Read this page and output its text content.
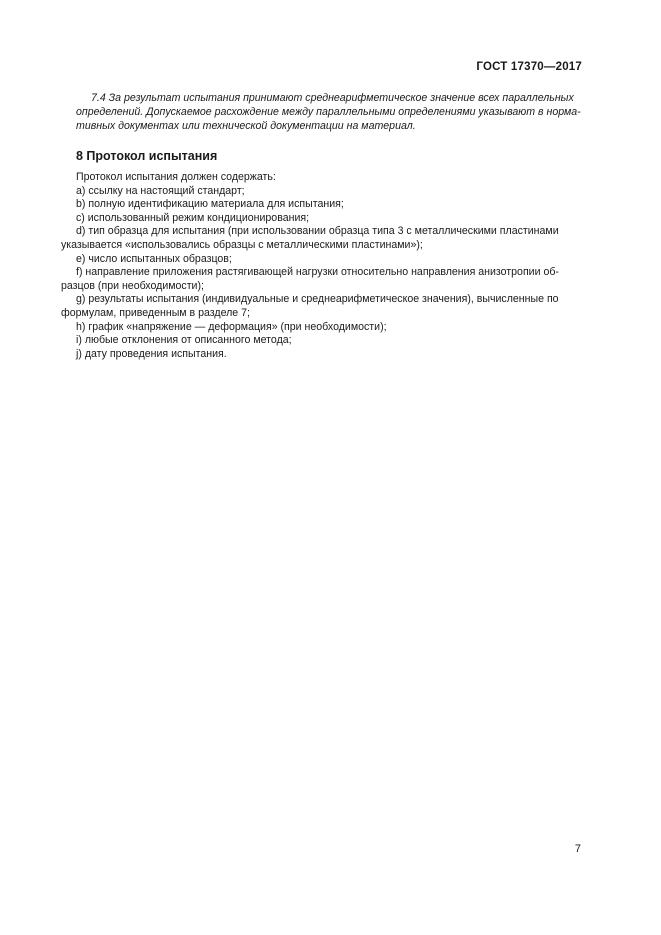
ГОСТ 17370—2017

7.4 За результат испытания принимают среднеарифметическое значение всех параллельных

определений. Допускаемое расхождение между параллельными определениями указывают в норма-

тивных документах или технической документации на материал.

8 Протокол испытания
Протокол испытания должен содержать:
a) ссылку на настоящий стандарт;
b) полную идентификацию материала для испытания;
c) использованный режим кондиционирования;
d) тип образца для испытания (при использовании образца типа 3 с металлическими пластинами
указывается «использовались образцы с металлическими пластинами»);
e) число испытанных образцов;
f) направление приложения растягивающей нагрузки относительно направления анизотропии об-
разцов (при необходимости);
g) результаты испытания (индивидуальные и среднеарифметическое значения), вычисленные по
формулам, приведенным в разделе 7;
h) график «напряжение — деформация» (при необходимости);
i) любые отклонения от описанного метода;
j) дату проведения испытания.
7
